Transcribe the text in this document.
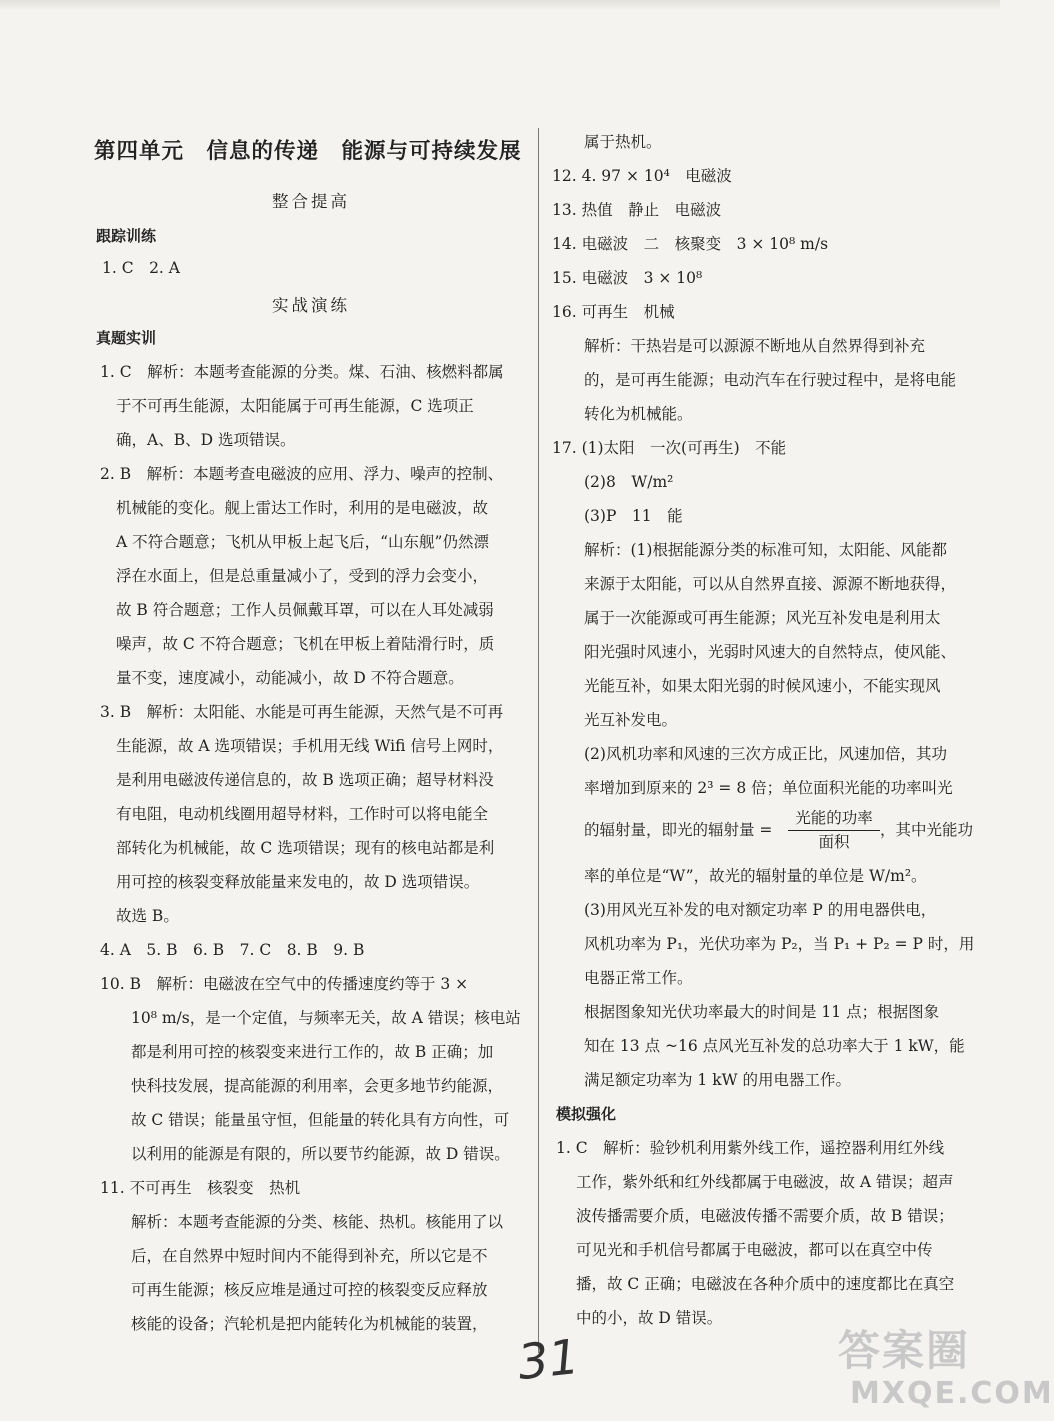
第四单元　信息的传递　能源与可持续发展
整合提高
跟踪训练
1. C　2. A
实战演练
真题实训
1. C　解析：本题考查能源的分类。煤、石油、核燃料都属
于不可再生能源，太阳能属于可再生能源，C 选项正
确，A、B、D 选项错误。
2. B　解析：本题考查电磁波的应用、浮力、噪声的控制、
机械能的变化。舰上雷达工作时，利用的是电磁波，故
A 不符合题意；飞机从甲板上起飞后，“山东舰”仍然漂
浮在水面上，但是总重量减小了，受到的浮力会变小，
故 B 符合题意；工作人员佩戴耳罩，可以在人耳处减弱
噪声，故 C 不符合题意；飞机在甲板上着陆滑行时，质
量不变，速度减小，动能减小，故 D 不符合题意。
3. B　解析：太阳能、水能是可再生能源，天然气是不可再
生能源，故 A 选项错误；手机用无线 Wifi 信号上网时，
是利用电磁波传递信息的，故 B 选项正确；超导材料没
有电阻，电动机线圈用超导材料，工作时可以将电能全
部转化为机械能，故 C 选项错误；现有的核电站都是利
用可控的核裂变释放能量来发电的，故 D 选项错误。
故选 B。
4. A　5. B　6. B　7. C　8. B　9. B
10. B　解析：电磁波在空气中的传播速度约等于 3 ×
10⁸ m/s，是一个定值，与频率无关，故 A 错误；核电站
都是利用可控的核裂变来进行工作的，故 B 正确；加
快科技发展，提高能源的利用率，会更多地节约能源，
故 C 错误；能量虽守恒，但能量的转化具有方向性，可
以利用的能源是有限的，所以要节约能源，故 D 错误。
11. 不可再生　核裂变　热机
解析：本题考查能源的分类、核能、热机。核能用了以
后，在自然界中短时间内不能得到补充，所以它是不
可再生能源；核反应堆是通过可控的核裂变反应释放
核能的设备；汽轮机是把内能转化为机械能的装置，
属于热机。
12. 4. 97 × 10⁴　电磁波
13. 热值　静止　电磁波
14. 电磁波　二　核聚变　3 × 10⁸ m/s
15. 电磁波　3 × 10⁸
16. 可再生　机械
解析：干热岩是可以源源不断地从自然界得到补充
的，是可再生能源；电动汽车在行驶过程中，是将电能
转化为机械能。
17. (1)太阳　一次(可再生)　不能
(2)8　W/m²
(3)P　11　能
解析：(1)根据能源分类的标准可知，太阳能、风能都
来源于太阳能，可以从自然界直接、源源不断地获得，
属于一次能源或可再生能源；风光互补发电是利用太
阳光强时风速小，光弱时风速大的自然特点，使风能、
光能互补，如果太阳光弱的时候风速小，不能实现风
光互补发电。
(2)风机功率和风速的三次方成正比，风速加倍，其功
率增加到原来的 2³ = 8 倍；单位面积光能的功率叫光
的辐射量，即光的辐射量 =
光能的功率
面积
，其中光能功
率的单位是“W”，故光的辐射量的单位是 W/m²。
(3)用风光互补发的电对额定功率 P 的用电器供电，
风机功率为 P₁，光伏功率为 P₂，当 P₁ + P₂ = P 时，用
电器正常工作。
根据图象知光伏功率最大的时间是 11 点；根据图象
知在 13 点 ~16 点风光互补发的总功率大于 1 kW，能
满足额定功率为 1 kW 的用电器工作。
模拟强化
1. C　解析：验钞机利用紫外线工作，遥控器利用红外线
工作，紫外纸和红外线都属于电磁波，故 A 错误；超声
波传播需要介质，电磁波传播不需要介质，故 B 错误；
可见光和手机信号都属于电磁波，都可以在真空中传
播，故 C 正确；电磁波在各种介质中的速度都比在真空
中的小，故 D 错误。
31	答案圈
MXQE.COM
